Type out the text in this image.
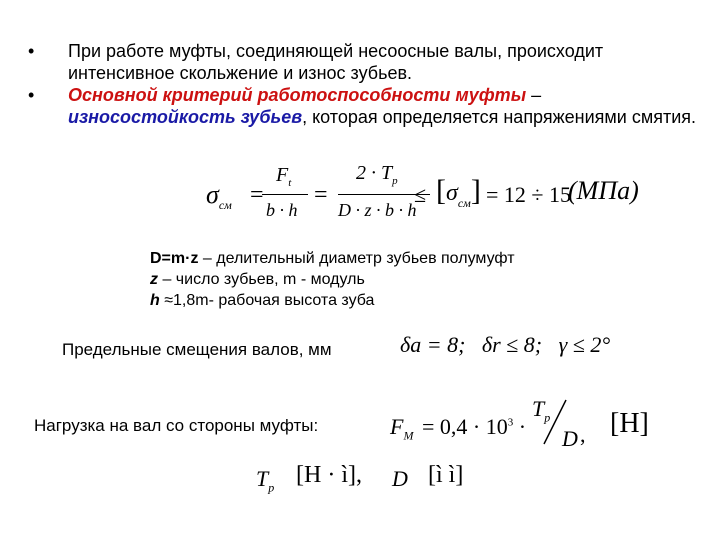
•	При работе муфты, соединяющей несоосные валы, происходит интенсивное скольжение и износ зубьев.
•	Основной критерий работоспособности муфты – износостойкость зубьев, которая определяется напряжениями смятия.
$\sigma_{см}$ =
$F_t$
b · h
=
$2 \cdot T_p$
D · z · b · h
≤ $[\sigma_{см}] = 12 \div 15$
(МПа)
D=m·z – делительный диаметр зубьев полумуфт
z – число зубьев, m - модуль
h ≈1,8m- рабочая высота зуба
Предельные смещения валов, мм	δa = 8;   δr ≤ 8;   γ ≤ 2°
Нагрузка на вал со стороны муфты:	$F_M = 0,4 \cdot 10^3$ ·
$T_p$
D , [H]
$T_p$ [H · ì], D [ì ì]
